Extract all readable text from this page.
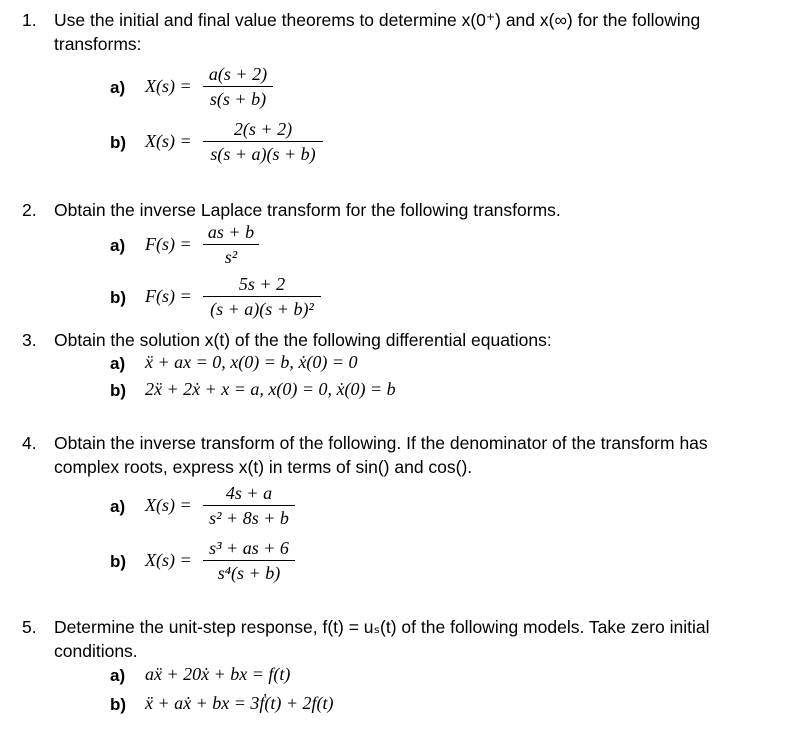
1. Use the initial and final value theorems to determine x(0⁺) and x(∞) for the following
transforms:
a) X(s) =
a(s + 2)
s(s + b)
b) X(s) =
2(s + 2)
s(s + a)(s + b)
2. Obtain the inverse Laplace transform for the following transforms.
a) F(s) =
as + b
s²
b) F(s) =
5s + 2
(s + a)(s + b)²
3. Obtain the solution x(t) of the the following differential equations:
a) ẍ + ax = 0, x(0) = b, ẋ(0) = 0
b) 2ẍ + 2ẋ + x = a, x(0) = 0, ẋ(0) = b
4. Obtain the inverse transform of the following. If the denominator of the transform has
complex roots, express x(t) in terms of sin() and cos().
a) X(s) =
4s + a
s² + 8s + b
b) X(s) =
s³ + as + 6
s⁴(s + b)
5. Determine the unit-step response, f(t) = uₛ(t) of the following models. Take zero initial
conditions.
a) aẍ + 20ẋ + bx = f(t)
b) ẍ + aẋ + bx = 3ḟ(t) + 2f(t)
